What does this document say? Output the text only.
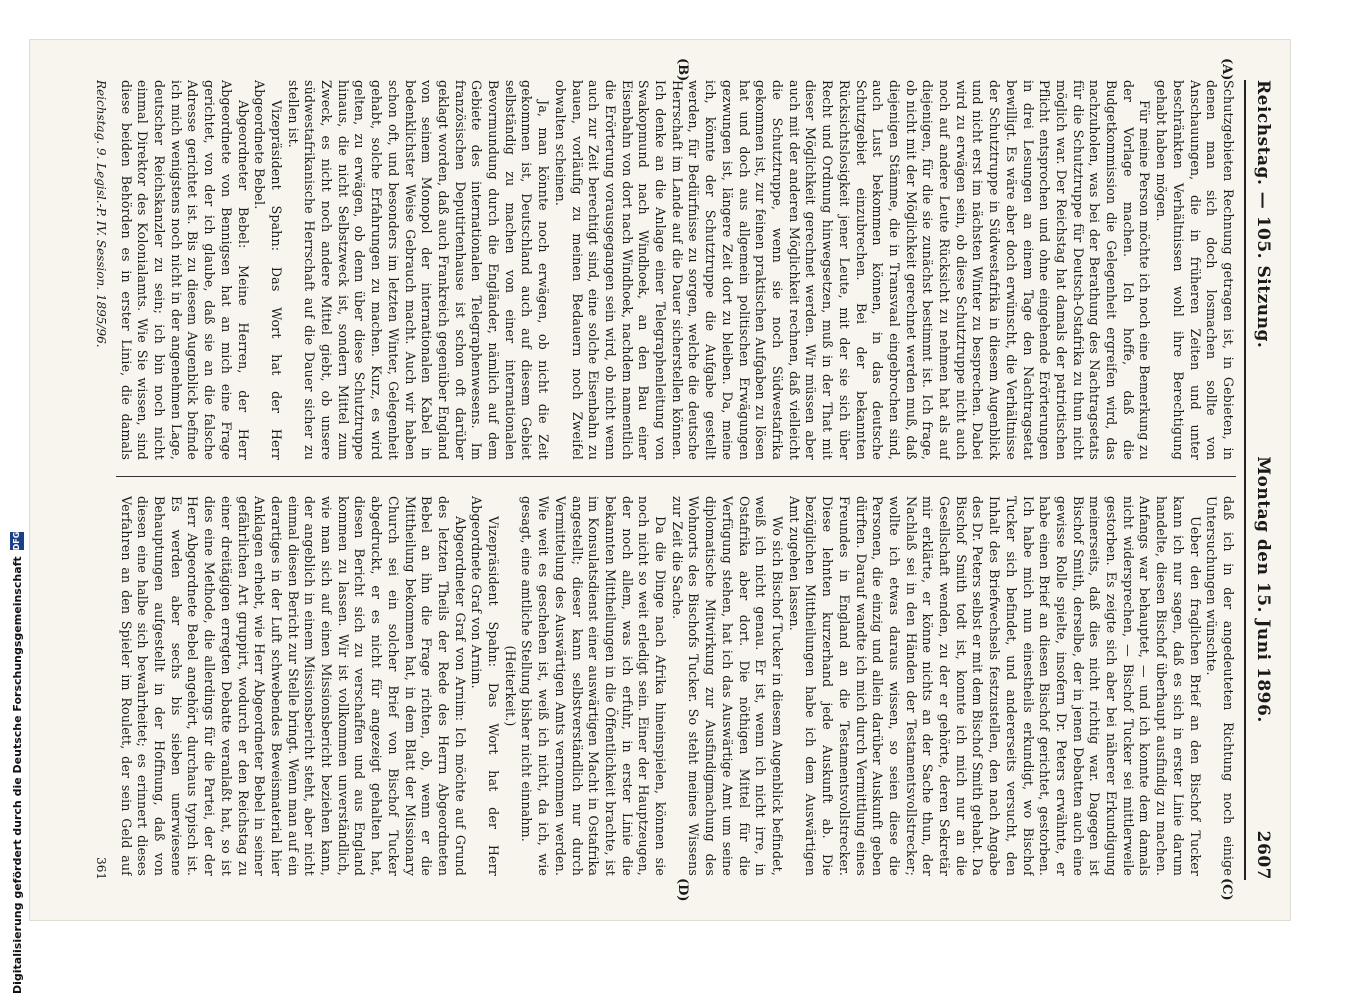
Reichstag. — 105. Sitzung.
Montag den 15. Juni 1896.
2607
(A)
(B)
(C)
(D)

Schutzgebieten Rechnung getragen ist, in Gebieten, in denen man sich doch losmachen sollte von Anschauungen, die in früheren Zeiten und unter beschränkten Verhältnissen wohl ihre Berechtigung gehabt haben mögen.

Für meine Person möchte ich noch eine Bemerkung zu der Vorlage machen. Ich hoffe, daß die Budgetkommission die Gelegenheit ergreifen wird, das nachzuholen, was bei der Berathung des Nachtragsetats für die Schutztruppe für Deutsch-Ostafrika zu thun nicht möglich war. Der Reichstag hat damals der patriotischen Pflicht entsprochen und ohne eingehende Erörterungen in drei Lesungen an einem Tage den Nachtragsetat bewilligt. Es wäre aber doch erwünscht, die Verhältnisse der Schutztruppe in Südwestafrika in diesem Augenblick und nicht erst im nächsten Winter zu besprechen. Dabei wird zu erwägen sein, ob diese Schutztruppe nicht auch noch auf andere Leute Rücksicht zu nehmen hat als auf diejenigen, für die sie zunächst bestimmt ist. Ich frage, ob nicht mit der Möglichkeit gerechnet werden muß, daß diejenigen Stämme, die in Transvaal eingebrochen sind, auch Lust bekommen können, in das deutsche Schutzgebiet einzubrechen. Bei der bekannten Rücksichtslosigkeit jener Leute, mit der sie sich über Recht und Ordnung hinwegsetzen, muß in der That mit dieser Möglichkeit gerechnet werden. Wir müssen aber auch mit der anderen Möglichkeit rechnen, daß vielleicht die Schutztruppe, wenn sie noch Südwestafrika gekommen ist, zur feinen praktischen Aufgaben zu lösen hat und doch aus allgemein politischen Erwägungen gezwungen ist, längere Zeit dort zu bleiben. Da, meine ich, könnte der Schutztruppe die Aufgabe gestellt werden, für Bedürfnisse zu sorgen, welche die deutsche Herrschaft im Lande auf die Dauer sicherstellen können. Ich denke an die Anlage einer Telegraphenleitung von Swakopmund nach Windhoek, an den Bau einer Eisenbahn von dort nach Windhoek, nachdem namentlich die Erörterung vorausgegangen sein wird, ob nicht wenn auch zur Zeit berechtigt sind, eine solche Eisenbahn zu bauen, vorläufig zu meinen Bedauern noch Zweifel obwalten scheinen.

Ja, man könnte noch erwägen, ob nicht die Zeit gekommen ist, Deutschland auch auf diesem Gebiet selbständig zu machen von einer internationalen Bevormundung durch die Engländer, nämlich auf dem Gebiete des internationalen Telegraphenwesens. Im französischen Deputirtenhause ist schon oft darüber geklagt worden, daß auch Frankreich gegenüber England von seinem Monopol der internationalen Kabel in bedenklichster Weise Gebrauch macht. Auch wir haben schon oft, und besonders im letzten Winter, Gelegenheit gehabt, solche Erfahrungen zu machen. Kurz, es wird gelten, zu erwägen, ob denn über diese Schutztruppe hinaus, die nicht Selbstzweck ist, sondern Mittel zum Zweck, es nicht noch andere Mittel giebt, ob unsere südwestafrikanische Herrschaft auf die Dauer sicher zu stellen ist.

Vizepräsident Spahn: Das Wort hat der Herr Abgeordnete Bebel.

Abgeordneter Bebel: Meine Herren, der Herr Abgeordnete von Bennigsen hat an mich eine Frage gerichtet, von der ich glaube, daß sie an die falsche Adresse gerichtet ist. Bis zu diesem Augenblick befinde ich mich wenigstens noch nicht in der angenehmen Lage, deutscher Reichskanzler zu sein; ich bin noch nicht einmal Direktor des Kolonialamts. Wie Sie wissen, sind diese beiden Behörden es in erster Linie, die damals

daß ich in der angedeuteten Richtung noch einige Untersuchungen wünschte.

Ueber den fraglichen Brief an den Bischof Tucker kann ich nur sagen, daß es sich in erster Linie darum handelte, diesen Bischof überhaupt ausfindig zu machen. Anfangs war behauptet, — und ich konnte dem damals nicht widersprechen, — Bischof Tucker sei mittlerweile gestorben. Es zeigte sich aber bei näherer Erkundigung meinerseits, daß dies nicht richtig war. Dagegen ist Bischof Smith, derselbe, der in jenen Debatten auch eine gewisse Rolle spielte, insofern Dr. Peters erwähnte, er habe einen Brief an diesen Bischof gerichtet, gestorben. Ich habe mich nun einestheils erkundigt, wo Bischof Tucker sich befindet, und andererseits versucht, den Inhalt des Briefwechsels festzustellen, den nach Angabe des Dr. Peters selbst er mit dem Bischof Smith gehabt. Da Bischof Smith todt ist, konnte ich mich nur an die Gesellschaft wenden, zu der er gehörte, deren Sekretär mir erklärte, er könne nichts an der Sache thun, der Nachlaß sei in den Händen der Testamentsvollstrecker; wollte ich etwas daraus wissen, so seien diese die Personen, die einzig und allein darüber Auskunft geben dürften. Darauf wandte ich mich durch Vermittlung eines Freundes in England an die Testamentsvollstrecker. Diese lehnten kurzerhand jede Auskunft ab. Die bezüglichen Mittheilungen habe ich dem Auswärtigen Amt zugehen lassen.

Wo sich Bischof Tucker in diesem Augenblick befindet, weiß ich nicht genau. Er ist, wenn ich nicht irre, in Ostafrika aber dort. Die nöthigen Mittel für die Verfügung stehen, hat ich das Auswärtige Amt um seine diplomatische Mitwirkung zur Ausfindigmachung des Wohnorts des Bischofs Tucker. So steht meines Wissens zur Zeit die Sache.

Da die Dinge nach Afrika hineinspielen, können sie noch nicht so weit erledigt sein. Einer der Hauptzeugen, der noch allem, was ich erfuhr, in erster Linie die bekannten Mittheilungen in die Öffentlichkeit brachte, ist im Konsulatsdienst einer auswärtigen Macht in Ostafrika angestellt; dieser kann selbstverständlich nur durch Vermittelung des Auswärtigen Amts vernommen werden. Wie weit es geschehen ist, weiß ich nicht, da ich, wie gesagt, eine amtliche Stellung bisher nicht einnahm.

(Heiterkeit.)

Vizepräsident Spahn: Das Wort hat der Herr Abgeordnete Graf von Arnim.

Abgeordneter Graf von Arnim: Ich möchte auf Grund des letzten Theils der Rede des Herrn Abgeordneten Bebel an ihn die Frage richten, ob, wenn er die Mittheilung bekommen hat, in dem Blatt der Missionary Church sei ein solcher Brief von Bischof Tucker abgedruckt, er es nicht für angezeigt gehalten hat, diesen Bericht sich zu verschaffen und aus England kommen zu lassen. Wir ist vollkommen unverständlich, wie man sich auf einen Missionsbericht beziehen kann, der angeblich in einem Missionsbericht steht, aber nicht einmal diesen Bericht zur Stelle bringt. Wenn man auf ein derartiges in der Luft schwebendes Beweismaterial hier Anklagen erhebt, wie Herr Abgeordneter Bebel in seiner gefährlichen Art gruppirt, wodurch er den Reichstag zu einer dreitägigen erregten Debatte veranlaßt hat, so ist dies eine Methode, die allerdings für die Partei, der der Herr Abgeordnete Bebel angehört, durchaus typisch ist. Es werden aber sechs bis sieben unerwiesene Behauptungen aufgestellt in der Hoffnung, daß von diesen eine halbe sich bewahrheitet; es erinnert dieses Verfahren an den Spieler im Roulett, der sein Geld auf

Reichstag. 9. Legisl.-P. IV. Session. 1895/96.
361
Digitalisierung gefördert durch die Deutsche Forschungsgemeinschaft
DFG
